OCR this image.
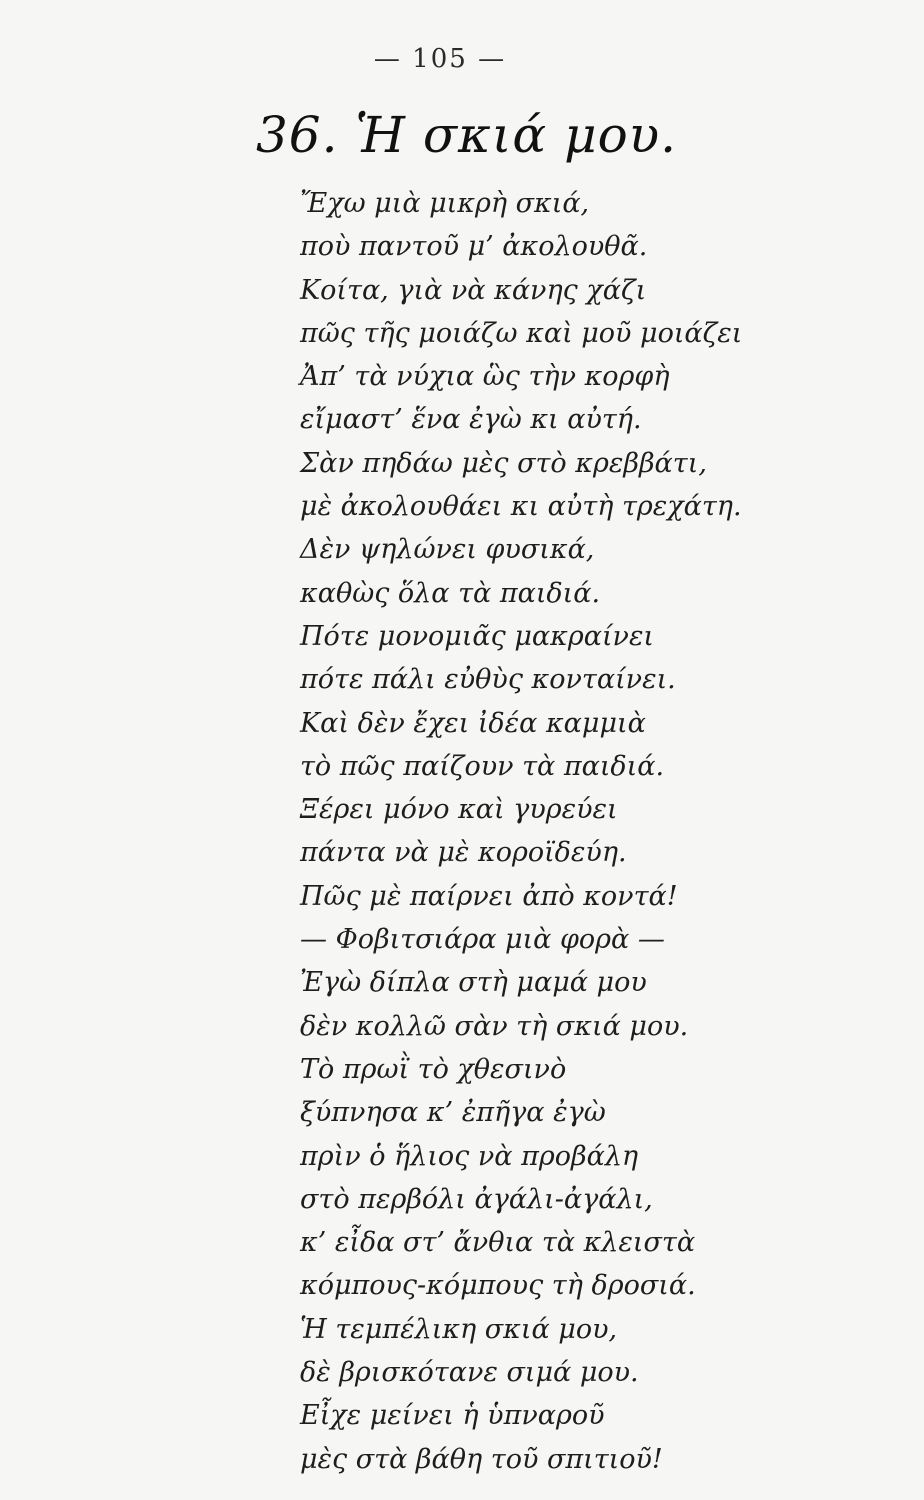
— 105 —
36. Ἡ σκιά μου.
Ἔχω μιὰ μικρὴ σκιά,
ποὺ παντοῦ μ’ ἀκολουθᾶ.
Κοίτα, γιὰ νὰ κάνης χάζι
πῶς τῆς μοιάζω καὶ μοῦ μοιάζει
Ἀπ’ τὰ νύχια ὣς τὴν κορφὴ
εἴμαστ’ ἕνα ἐγὼ κι αὐτή.
Σὰν πηδάω μὲς στὸ κρεββάτι,
μὲ ἀκολουθάει κι αὐτὴ τρεχάτη.
Δὲν ψηλώνει φυσικά,
καθὼς ὅλα τὰ παιδιά.
Πότε μονομιᾶς μακραίνει
πότε πάλι εὐθὺς κονταίνει.
Καὶ δὲν ἔχει ἰδέα καμμιὰ
τὸ πῶς παίζουν τὰ παιδιά.
Ξέρει μόνο καὶ γυρεύει
πάντα νὰ μὲ κοροϊδεύη.
Πῶς μὲ παίρνει ἀπὸ κοντά!
— Φοβιτσιάρα μιὰ φορὰ —
Ἐγὼ δίπλα στὴ μαμά μου
δὲν κολλῶ σὰν τὴ σκιά μου.
Τὸ πρωῒ τὸ χθεσινὸ
ξύπνησα κ’ ἐπῆγα ἐγὼ
πρὶν ὁ ἥλιος νὰ προβάλη
στὸ περβόλι ἀγάλι-ἀγάλι,
κ’ εἶδα στ’ ἄνθια τὰ κλειστὰ
κόμπους-κόμπους τὴ δροσιά.
Ἡ τεμπέλικη σκιά μου,
δὲ βρισκότανε σιμά μου.
Εἶχε μείνει ἡ ὑπναροῦ
μὲς στὰ βάθη τοῦ σπιτιοῦ!
